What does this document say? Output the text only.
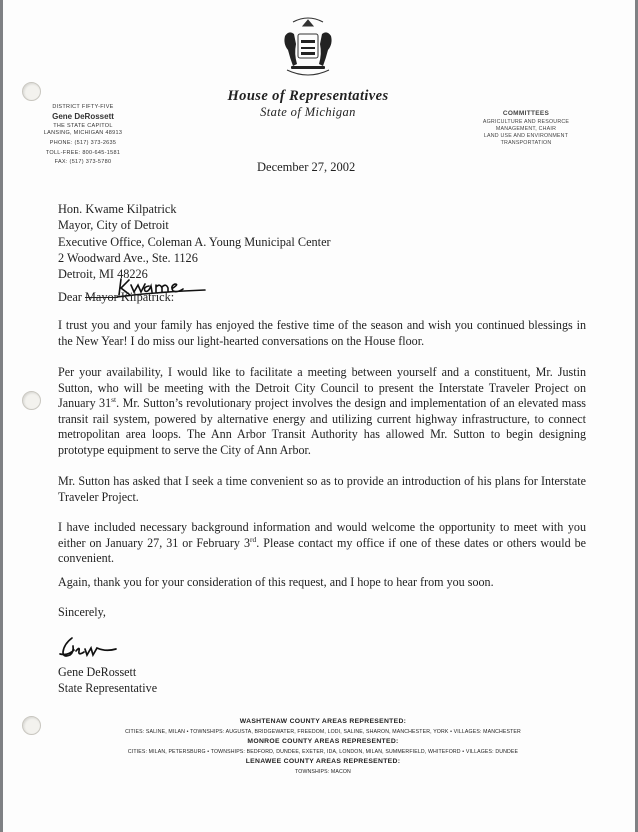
DISTRICT FIFTY-FIVE
Gene DeRossett
THE STATE CAPITOL
LANSING, MICHIGAN 48913
PHONE: (517) 373-2635
TOLL-FREE: 800-645-1581
FAX: (517) 373-5780
House of Representatives
State of Michigan	COMMITTEES
AGRICULTURE AND RESOURCE
MANAGEMENT, CHAIR
LAND USE AND ENVIRONMENT
TRANSPORTATION
December 27, 2002
Hon. Kwame Kilpatrick
Mayor, City of Detroit
Executive Office, Coleman A. Young Municipal Center
2 Woodward Ave., Ste. 1126
Detroit, MI 48226
Dear Mayor Kilpatrick:
I trust you and your family has enjoyed the festive time of the season and wish you continued blessings in the New Year! I do miss our light-hearted conversations on the House floor.
Per your availability, I would like to facilitate a meeting between yourself and a constituent, Mr. Justin Sutton, who will be meeting with the Detroit City Council to present the Interstate Traveler Project on January 31st. Mr. Sutton’s revolutionary project involves the design and implementation of an elevated mass transit rail system, powered by alternative energy and utilizing current highway infrastructure, to connect metropolitan area loops. The Ann Arbor Transit Authority has allowed Mr. Sutton to begin designing prototype equipment to serve the City of Ann Arbor.
Mr. Sutton has asked that I seek a time convenient so as to provide an introduction of his plans for Interstate Traveler Project.
I have included necessary background information and would welcome the opportunity to meet with you either on January 27, 31 or February 3rd. Please contact my office if one of these dates or others would be convenient.
Again, thank you for your consideration of this request, and I hope to hear from you soon.
Sincerely,
Gene DeRossett
State Representative
WASHTENAW COUNTY AREAS REPRESENTED:
CITIES: SALINE, MILAN • TOWNSHIPS: AUGUSTA, BRIDGEWATER, FREEDOM, LODI, SALINE, SHARON, MANCHESTER, YORK • VILLAGES: MANCHESTER
MONROE COUNTY AREAS REPRESENTED:
CITIES: MILAN, PETERSBURG • TOWNSHIPS: BEDFORD, DUNDEE, EXETER, IDA, LONDON, MILAN, SUMMERFIELD, WHITEFORD • VILLAGES: DUNDEE
LENAWEE COUNTY AREAS REPRESENTED:
TOWNSHIPS: MACON
